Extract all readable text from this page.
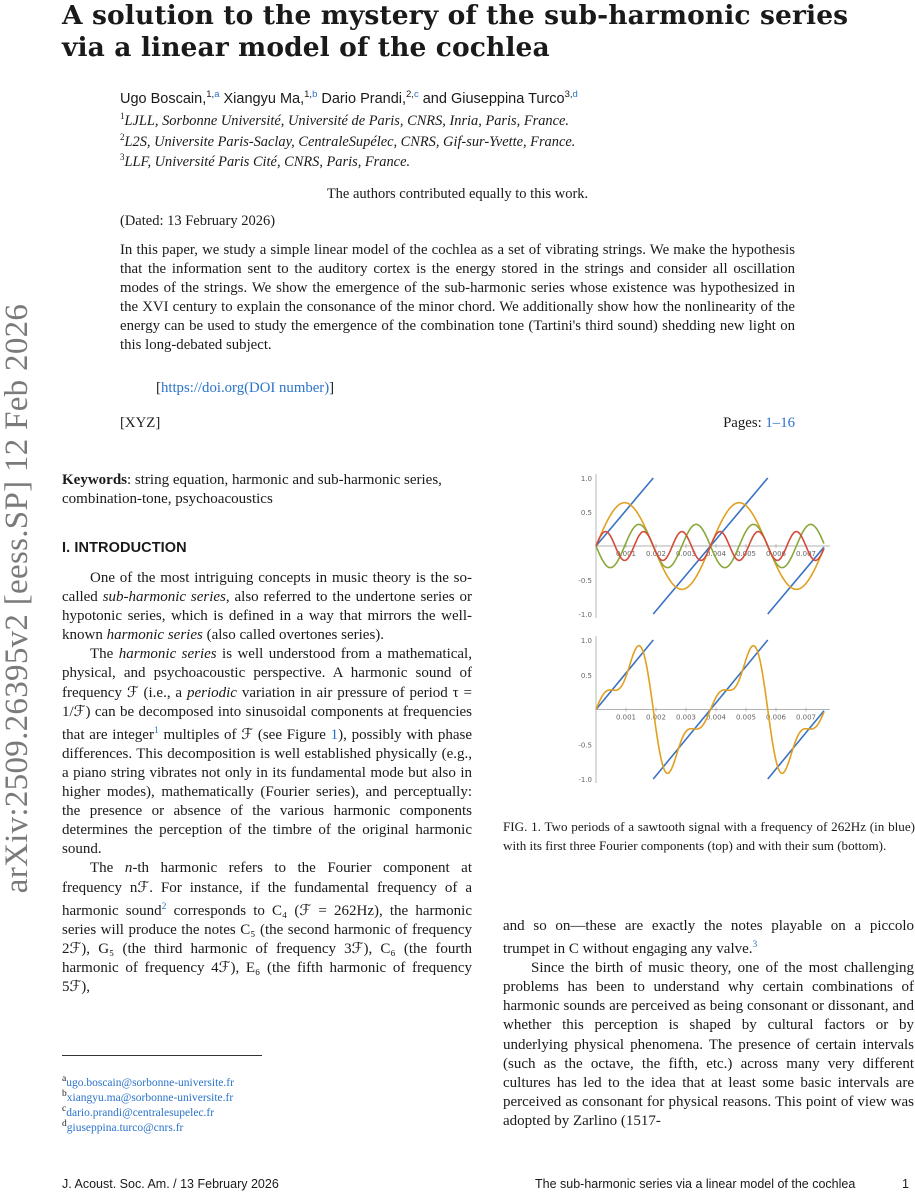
A solution to the mystery of the sub-harmonic series via a linear model of the cochlea
Ugo Boscain,$^{1,a}$ Xiangyu Ma,$^{1,b}$ Dario Prandi,$^{2,c}$ and Giuseppina Turco$^{3,d}$
$^1$LJLL, Sorbonne Université, Université de Paris, CNRS, Inria, Paris, France.
$^2$L2S, Universite Paris-Saclay, CentraleSupélec, CNRS, Gif-sur-Yvette, France.
$^3$LLF, Université Paris Cité, CNRS, Paris, France.
The authors contributed equally to this work.
(Dated: 13 February 2026)

In this paper, we study a simple linear model of the cochlea as a set of vibrating strings. We make the hypothesis that the information sent to the auditory cortex is the energy stored in the strings and consider all oscillation modes of the strings. We show the emergence of the sub-harmonic series whose existence was hypothesized in the XVI century to explain the consonance of the minor chord. We additionally show how the nonlinearity of the energy can be used to study the emergence of the combination tone (Tartini's third sound) shedding new light on this long-debated subject.

[https://doi.org(DOI number)]
[XYZ]	Pages: 1–16
arXiv:2509.26395v2 [eess.SP] 12 Feb 2026 Keywords: string equation, harmonic and sub-harmonic series, combination-tone, psychoacoustics

I. INTRODUCTION

One of the most intriguing concepts in music theory is the so-called sub-harmonic series, also referred to the undertone series or hypotonic series, which is defined in a way that mirrors the well-known harmonic series (also called overtones series).

The harmonic series is well understood from a mathematical, physical, and psychoacoustic perspective. A harmonic sound of frequency ℱ (i.e., a periodic variation in air pressure of period τ = 1/ℱ) can be decomposed into sinusoidal components at frequencies that are integer$^1$ multiples of ℱ (see Figure 1), possibly with phase differences. This decomposition is well established physically (e.g., a piano string vibrates not only in its fundamental mode but also in higher modes), mathematically (Fourier series), and perceptually: the presence or absence of the various harmonic components determines the perception of the timbre of the original harmonic sound.

The n-th harmonic refers to the Fourier component at frequency nℱ. For instance, if the fundamental frequency of a harmonic sound$^2$ corresponds to C₄ (ℱ = 262Hz), the harmonic series will produce the notes C₅ (the second harmonic of frequency 2ℱ), G₅ (the third harmonic of frequency 3ℱ), C₆ (the fourth harmonic of frequency 4ℱ), E₆ (the fifth harmonic of frequency 5ℱ),

and so on—these are exactly the notes playable on a piccolo trumpet in C without engaging any valve.$^3$

Since the birth of music theory, one of the most challenging problems has been to understand why certain combinations of harmonic sounds are perceived as being consonant or dissonant, and whether this perception is shaped by cultural factors or by underlying physical phenomena. The presence of certain intervals (such as the octave, the fifth, etc.) across many very different cultures has led to the idea that at least some basic intervals are perceived as consonant for physical reasons. This point of view was adopted by Zarlino (1517-

0.001 0.002 0.003 0.004 0.005 0.006 0.007
1.0
0.5
-0.5
-1.0
0.001 0.002 0.003 0.004 0.005 0.006 0.007
1.0
0.5
-0.5
-1.0

FIG. 1. Two periods of a sawtooth signal with a frequency of 262Hz (in blue) with its first three Fourier components (top) and with their sum (bottom).

$^a$ugo.boscain@sorbonne-universite.fr
$^b$xiangyu.ma@sorbonne-universite.fr
$^c$dario.prandi@centralesupelec.fr
$^d$giuseppina.turco@cnrs.fr
J. Acoust. Soc. Am. / 13 February 2026	The sub-harmonic series via a linear model of the cochlea	1
